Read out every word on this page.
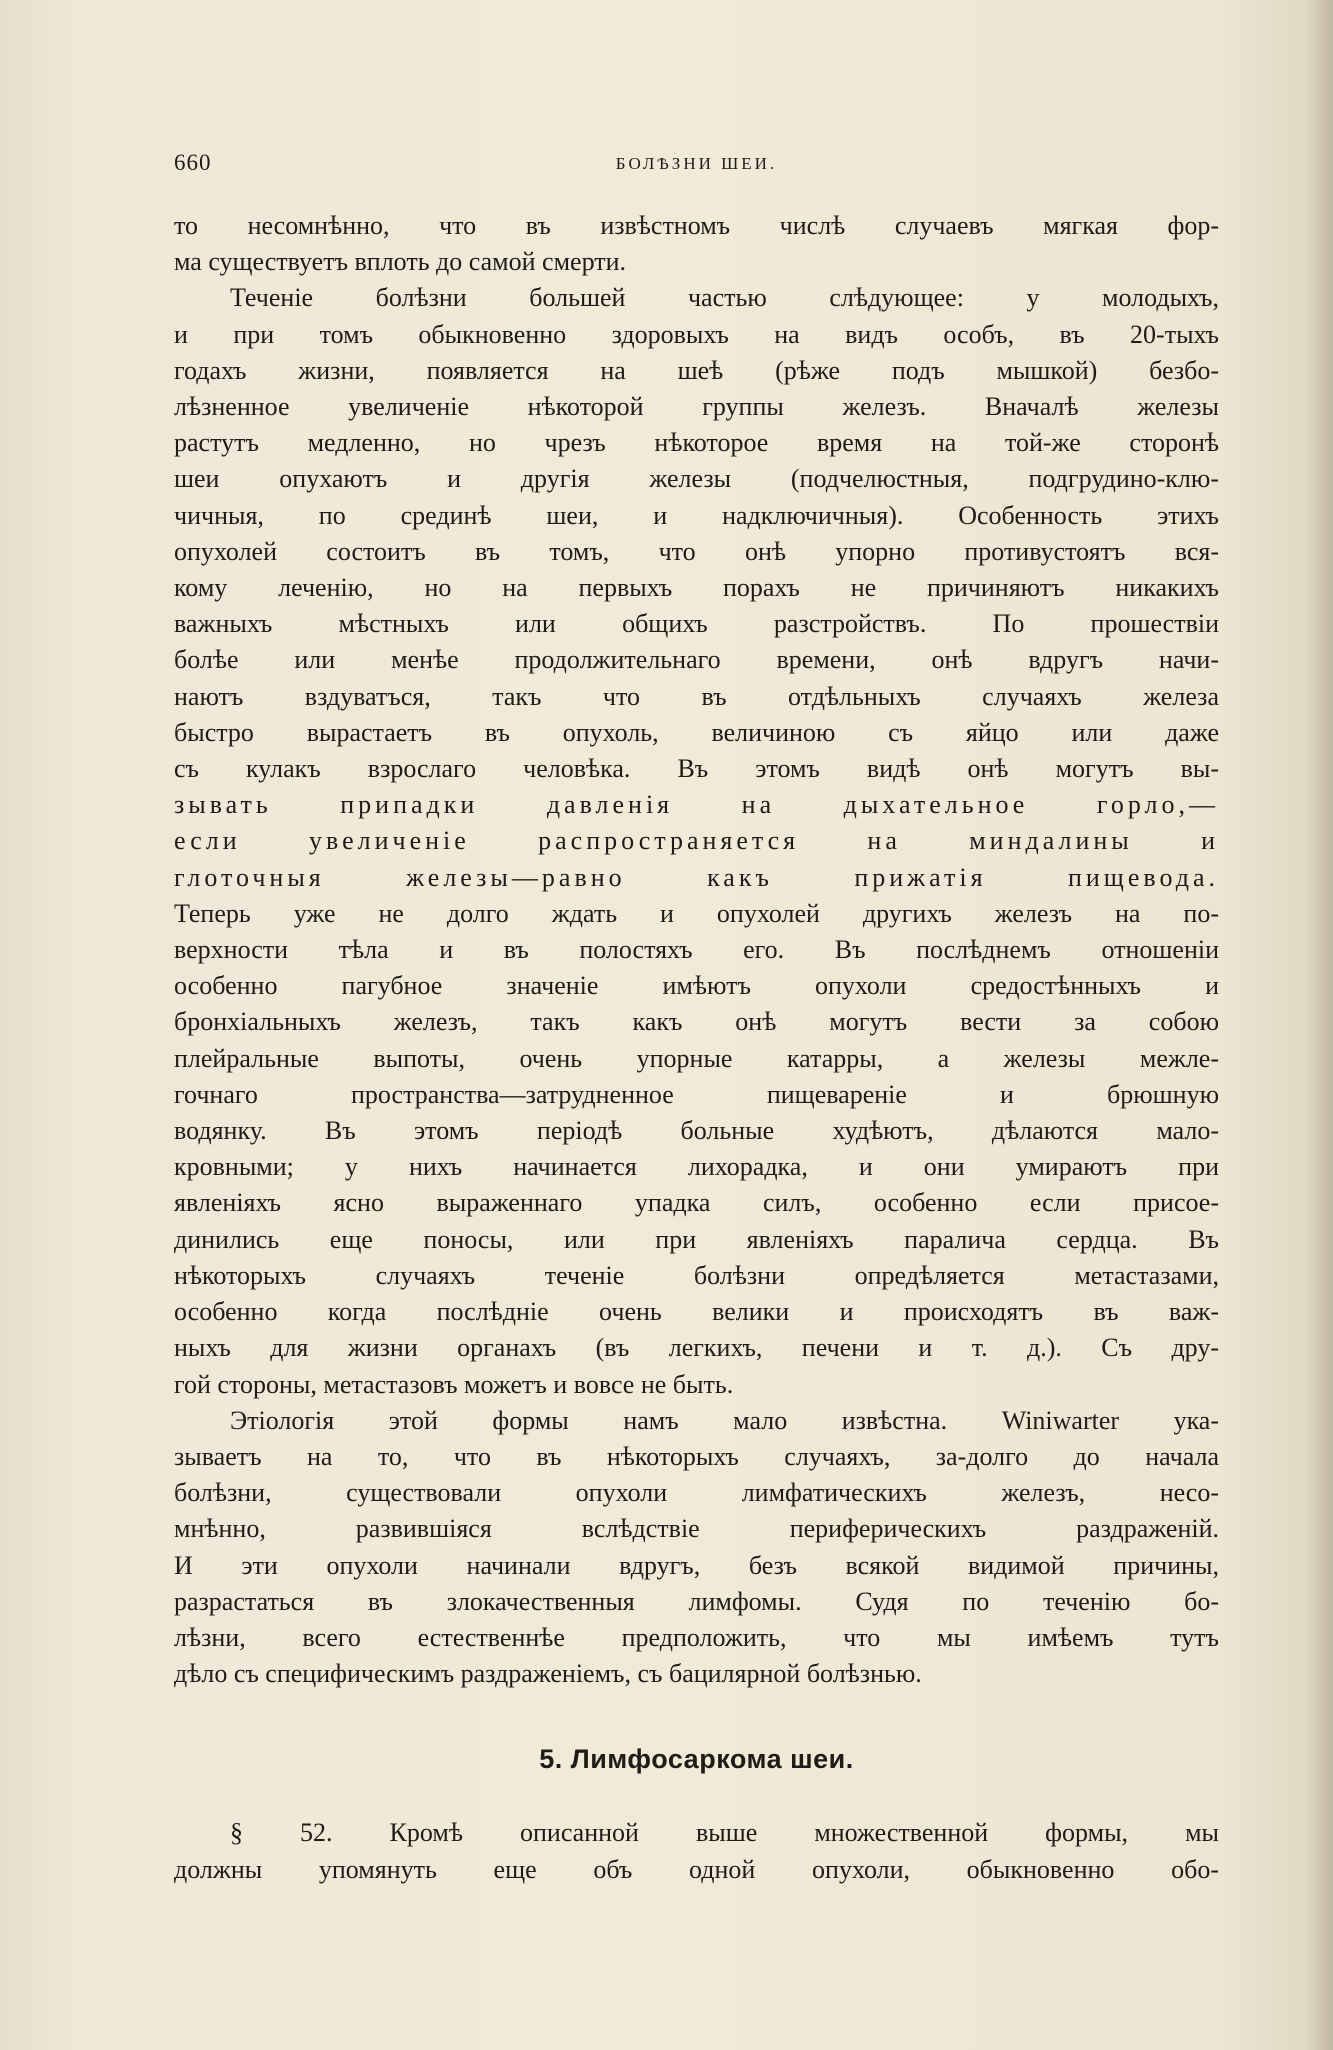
660	БОЛѢЗНИ ШЕИ.

то несомнѣнно, что въ извѣстномъ числѣ случаевъ мягкая фор-
ма существуетъ вплоть до самой смерти.

Теченіе болѣзни большей частью слѣдующее: у молодыхъ,
и при томъ обыкновенно здоровыхъ на видъ особъ, въ 20-тыхъ
годахъ жизни, появляется на шеѣ (рѣже подъ мышкой) безбо-
лѣзненное увеличеніе нѣкоторой группы железъ. Вначалѣ железы
растутъ медленно, но чрезъ нѣкоторое время на той-же сторонѣ
шеи опухаютъ и другія железы (подчелюстныя, подгрудино-клю-
чичныя, по срединѣ шеи, и надключичныя). Особенность этихъ
опухолей состоитъ въ томъ, что онѣ упорно противустоятъ вся-
кому леченію, но на первыхъ порахъ не причиняютъ никакихъ
важныхъ мѣстныхъ или общихъ разстройствъ. По прошествіи
болѣе или менѣе продолжительнаго времени, онѣ вдругъ начи-
наютъ вздуватъся, такъ что въ отдѣльныхъ случаяхъ железа
быстро вырастаетъ въ опухоль, величиною съ яйцо или даже
съ кулакъ взрослаго человѣка. Въ этомъ видѣ онѣ могутъ вы-
зывать припадки давленія на дыхательное горло,—
если увеличеніе распространяется на миндалины и
глоточныя железы—равно какъ прижатія пищевода.
Теперь уже не долго ждать и опухолей другихъ железъ на по-
верхности тѣла и въ полостяхъ его. Въ послѣднемъ отношеніи
особенно пагубное значеніе имѣютъ опухоли средостѣнныхъ и
бронхіальныхъ железъ, такъ какъ онѣ могутъ вести за собою
плейральные выпоты, очень упорные катарры, а железы межле-
гочнаго пространства—затрудненное пищевареніе и брюшную
водянку. Въ этомъ періодѣ больные худѣютъ, дѣлаются мало-
кровными; у нихъ начинается лихорадка, и они умираютъ при
явленіяхъ ясно выраженнаго упадка силъ, особенно если присое-
динились еще поносы, или при явленіяхъ паралича сердца. Въ
нѣкоторыхъ случаяхъ теченіе болѣзни опредѣляется метастазами,
особенно когда послѣдніе очень велики и происходятъ въ важ-
ныхъ для жизни органахъ (въ легкихъ, печени и т. д.). Съ дру-
гой стороны, метастазовъ можетъ и вовсе не быть.

Этіологія этой формы намъ мало извѣстна. Winiwarter ука-
зываетъ на то, что въ нѣкоторыхъ случаяхъ, за-долго до начала
болѣзни, существовали опухоли лимфатическихъ железъ, несо-
мнѣнно, развившіяся вслѣдствіе периферическихъ раздраженій.
И эти опухоли начинали вдругъ, безъ всякой видимой причины,
разрастаться въ злокачественныя лимфомы. Судя по теченію бо-
лѣзни, всего естественнѣе предположить, что мы имѣемъ тутъ
дѣло съ специфическимъ раздраженіемъ, съ бацилярной болѣзнью.

5. Лимфосаркома шеи.

§ 52. Кромѣ описанной выше множественной формы, мы
должны упомянуть еще объ одной опухоли, обыкновенно обо-
